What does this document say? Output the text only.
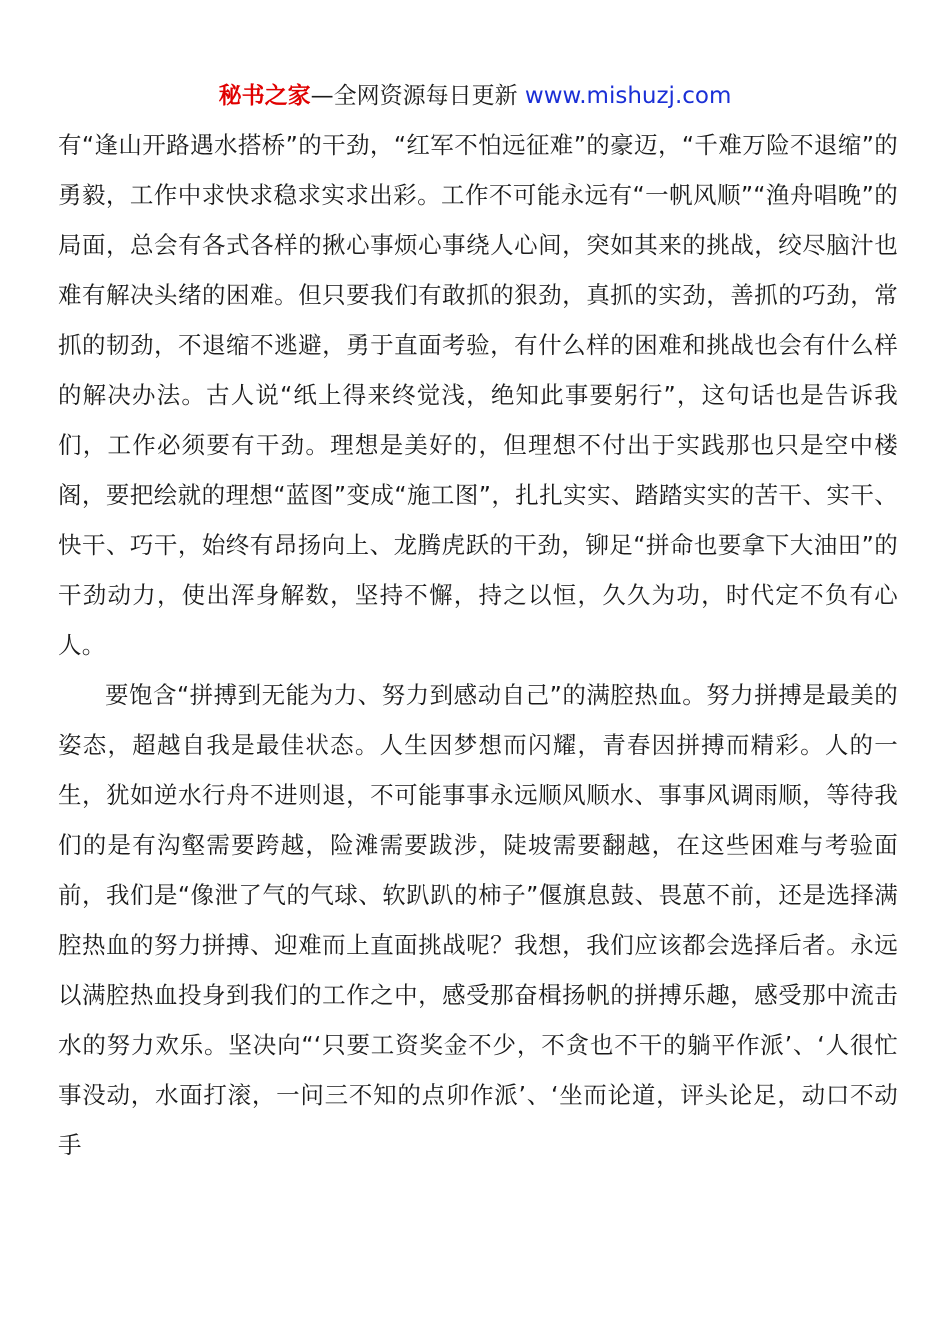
秘书之家—全网资源每日更新 www.mishuzj.com

有“逢山开路遇水搭桥”的干劲，“红军不怕远征难”的豪迈，“千难万险不退缩”的勇毅，工作中求快求稳求实求出彩。工作不可能永远有“一帆风顺”“渔舟唱晚”的局面，总会有各式各样的揪心事烦心事绕人心间，突如其来的挑战，绞尽脑汁也难有解决头绪的困难。但只要我们有敢抓的狠劲，真抓的实劲，善抓的巧劲，常抓的韧劲，不退缩不逃避，勇于直面考验，有什么样的困难和挑战也会有什么样的解决办法。古人说“纸上得来终觉浅，绝知此事要躬行”，这句话也是告诉我们，工作必须要有干劲。理想是美好的，但理想不付出于实践那也只是空中楼阁，要把绘就的理想“蓝图”变成“施工图”，扎扎实实、踏踏实实的苦干、实干、快干、巧干，始终有昂扬向上、龙腾虎跃的干劲，铆足“拼命也要拿下大油田”的干劲动力，使出浑身解数，坚持不懈，持之以恒，久久为功，时代定不负有心人。

要饱含“拼搏到无能为力、努力到感动自己”的满腔热血。努力拼搏是最美的姿态，超越自我是最佳状态。人生因梦想而闪耀，青春因拼搏而精彩。人的一生，犹如逆水行舟不进则退，不可能事事永远顺风顺水、事事风调雨顺，等待我们的是有沟壑需要跨越，险滩需要跋涉，陡坡需要翻越，在这些困难与考验面前，我们是“像泄了气的气球、软趴趴的柿子”偃旗息鼓、畏葸不前，还是选择满腔热血的努力拼搏、迎难而上直面挑战呢？我想，我们应该都会选择后者。永远以满腔热血投身到我们的工作之中，感受那奋楫扬帆的拼搏乐趣，感受那中流击水的努力欢乐。坚决向“‘只要工资奖金不少，不贪也不干的躺平作派’、‘人很忙事没动，水面打滚，一问三不知的点卯作派’、‘坐而论道，评头论足，动口不动手
